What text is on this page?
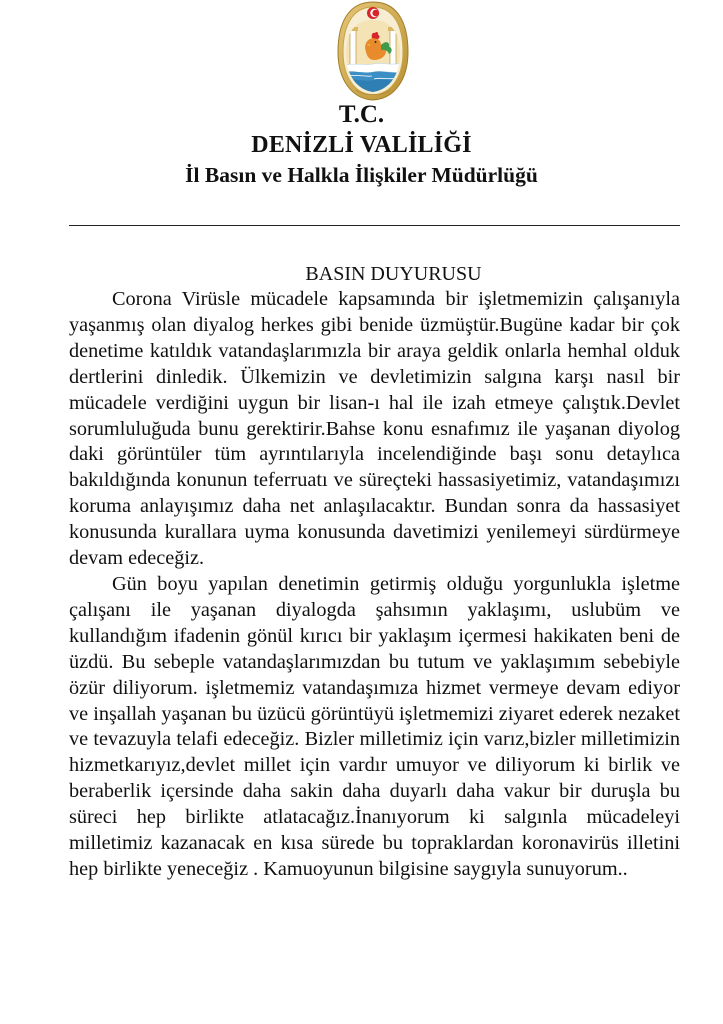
T.C.
DENİZLİ VALİLİĞİ
İl Basın ve Halkla İlişkiler Müdürlüğü
BASIN DUYURUSU

Corona Virüsle mücadele kapsamında bir işletmemizin çalışanıyla yaşanmış olan diyalog herkes gibi benide üzmüştür.Bugüne kadar bir çok denetime katıldık vatandaşlarımızla bir araya geldik onlarla hemhal olduk dertlerini dinledik. Ülkemizin ve devletimizin salgına karşı nasıl bir mücadele verdiğini uygun bir lisan-ı hal ile izah etmeye çalıştık.Devlet sorumluluğuda bunu gerektirir.Bahse konu esnafımız ile yaşanan diyolog daki görüntüler tüm ayrıntılarıyla incelendiğinde başı sonu detaylıca bakıldığında konunun teferruatı ve süreçteki hassasiyetimiz, vatandaşımızı koruma anlayışımız daha net anlaşılacaktır. Bundan sonra da hassasiyet konusunda kurallara uyma konusunda davetimizi yenilemeyi sürdürmeye devam edeceğiz.

Gün boyu yapılan denetimin getirmiş olduğu yorgunlukla işletme çalışanı ile yaşanan diyalogda şahsımın yaklaşımı, uslubüm ve kullandığım ifadenin gönül kırıcı bir yaklaşım içermesi hakikaten beni de üzdü. Bu sebeple vatandaşlarımızdan bu tutum ve yaklaşımım sebebiyle özür diliyorum. işletmemiz vatandaşımıza hizmet vermeye devam ediyor ve inşallah yaşanan bu üzücü görüntüyü işletmemizi ziyaret ederek nezaket ve tevazuyla telafi edeceğiz. Bizler milletimiz için varız,bizler milletimizin hizmetkarıyız,devlet millet için vardır umuyor ve diliyorum ki birlik ve beraberlik içersinde daha sakin daha duyarlı daha vakur bir duruşla bu süreci hep birlikte atlatacağız.İnanıyorum ki salgınla mücadeleyi milletimiz kazanacak en kısa sürede bu topraklardan koronavirüs illetini hep birlikte yeneceğiz . Kamuoyunun bilgisine saygıyla sunuyorum..
